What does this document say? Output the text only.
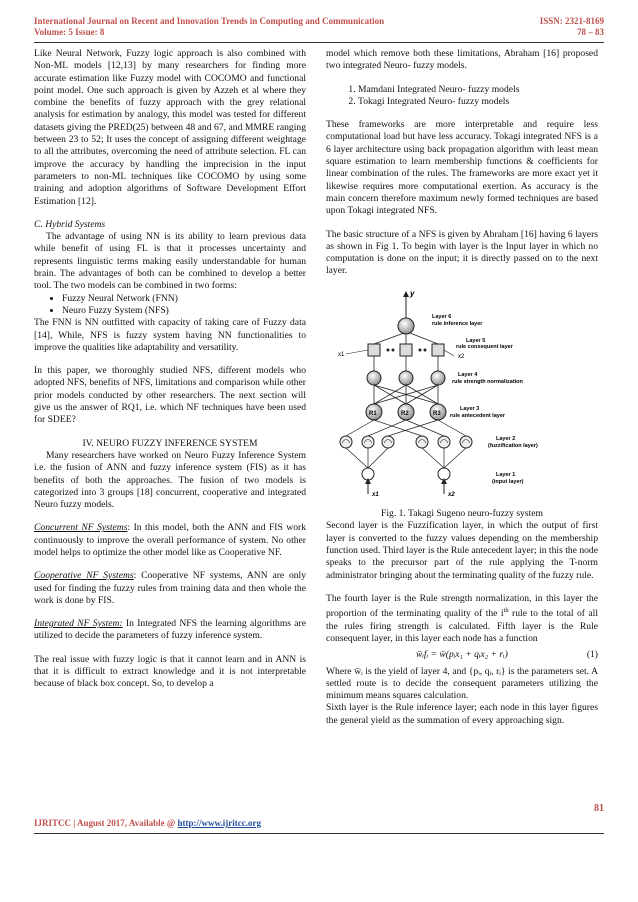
International Journal on Recent and Innovation Trends in Computing and Communication
Volume: 5 Issue: 8
ISSN: 2321-8169
78 – 83

Like Neural Network, Fuzzy logic approach is also combined with Non-ML models [12,13] by many researchers for finding more accurate estimation like Fuzzy model with COCOMO and functional point model. One such approach is given by Azzeh et al where they combine the benefits of fuzzy approach with the grey relational analysis for estimation by analogy, this model was tested for different datasets giving the PRED(25) between 48 and 67, and MMRE ranging between 23 to 52; It uses the concept of assigning different weightage to all the attributes, overcoming the need of attribute selection. FL can improve the accuracy by handling the imprecision in the input parameters to non-ML techniques like COCOMO by using some training and adoption algorithms of Software Development Effort Estimation [12].

C. Hybrid Systems

The advantage of using NN is its ability to learn previous data while benefit of using FL is that it processes uncertainty and represents linguistic terms making easily understandable for human brain. The advantages of both can be combined to develop a better tool. The two models can be combined in two forms:

• Fuzzy Neural Network (FNN)
• Neuro Fuzzy System (NFS)

The FNN is NN outfitted with capacity of taking care of Fuzzy data [14], While, NFS is fuzzy system having NN functionalities to improve the qualities like adaptability and versatility.

In this paper, we thoroughly studied NFS, different models who adopted NFS, benefits of NFS, limitations and comparison while other prior models conducted by other researchers. The next section will give us the answer of RQ1, i.e. which NF techniques have been used for SDEE?

IV. NEURO FUZZY INFERENCE SYSTEM

Many researchers have worked on Neuro Fuzzy Inference System i.e. the fusion of ANN and fuzzy inference system (FIS) as it has benefits of both the approaches. The fusion of two models is categorized into 3 groups [18] concurrent, cooperative and integrated Neuro fuzzy models.

Concurrent NF Systems: In this model, both the ANN and FIS work continuously to improve the overall performance of system. No other model helps to optimize the other model like as Cooperative NF.

Cooperative NF Systems: Cooperative NF systems, ANN are only used for finding the fuzzy rules from training data and then whole the work is done by FIS.

Integrated NF System: In Integrated NFS the learning algorithms are utilized to decide the parameters of fuzzy inference system.

The real issue with fuzzy logic is that it cannot learn and in ANN is that it is difficult to extract knowledge and it is not interpretable because of black box concept. So, to develop a

model which remove both these limitations, Abraham [16] proposed two integrated Neuro- fuzzy models.

1. Mamdani Integrated Neuro- fuzzy models
2. Tokagi Integrated Neuro- fuzzy models

These frameworks are more interpretable and require less computational load but have less accuracy. Tokagi integrated NFS is a 6 layer architecture using back propagation algorithm with least mean square estimation to learn membership functions & coefficients for linear combination of the rules. The frameworks are more exact yet it likewise requires more computational exertion. As accuracy is the main concern therefore maximum newly formed techniques are based upon Tokagi integrated NFS.

The basic structure of a NFS is given by Abraham [16] having 6 layers as shown in Fig 1. To begin with layer is the Input layer in which no computation is done on the input; it is directly passed on to the next layer.

y
Layer 6
rule inference layer
Layer 5
rule consequent layer
x1	x2
Layer 4
rule strength normalization
R1	R2	R3
Layer 3
rule antecedent layer
Layer 2
(fuzzification layer)
x1	x2
Layer 1
(input layer)

Fig. 1. Takagi Sugeno neuro-fuzzy system

Second layer is the Fuzzification layer, in which the output of first layer is converted to the fuzzy values depending on the membership function used. Third layer is the Rule antecedent layer; in this the node speaks to the precursor part of the rule applying the T-norm administrator bringing about the terminating quality of the fuzzy rule.

The fourth layer is the Rule strength normalization, in this layer the proportion of the terminating quality of the $i^{th}$ rule to the total of all the rules firing strength is calculated. Fifth layer is the Rule consequent layer, in this layer each node has a function

w̄ᵢfᵢ = w̄(pᵢx₁ + qᵢx₂ + rᵢ)	(1)

Where w̄ᵢ is the yield of layer 4, and {pᵢ, qᵢ, rᵢ} is the parameters set. A settled route is to decide the consequent parameters utilizing the minimum means squares calculation.

Sixth layer is the Rule inference layer; each node in this layer figures the general yield as the summation of every approaching sign.

81
IJRITCC | August 2017, Available @ http://www.ijritcc.org
